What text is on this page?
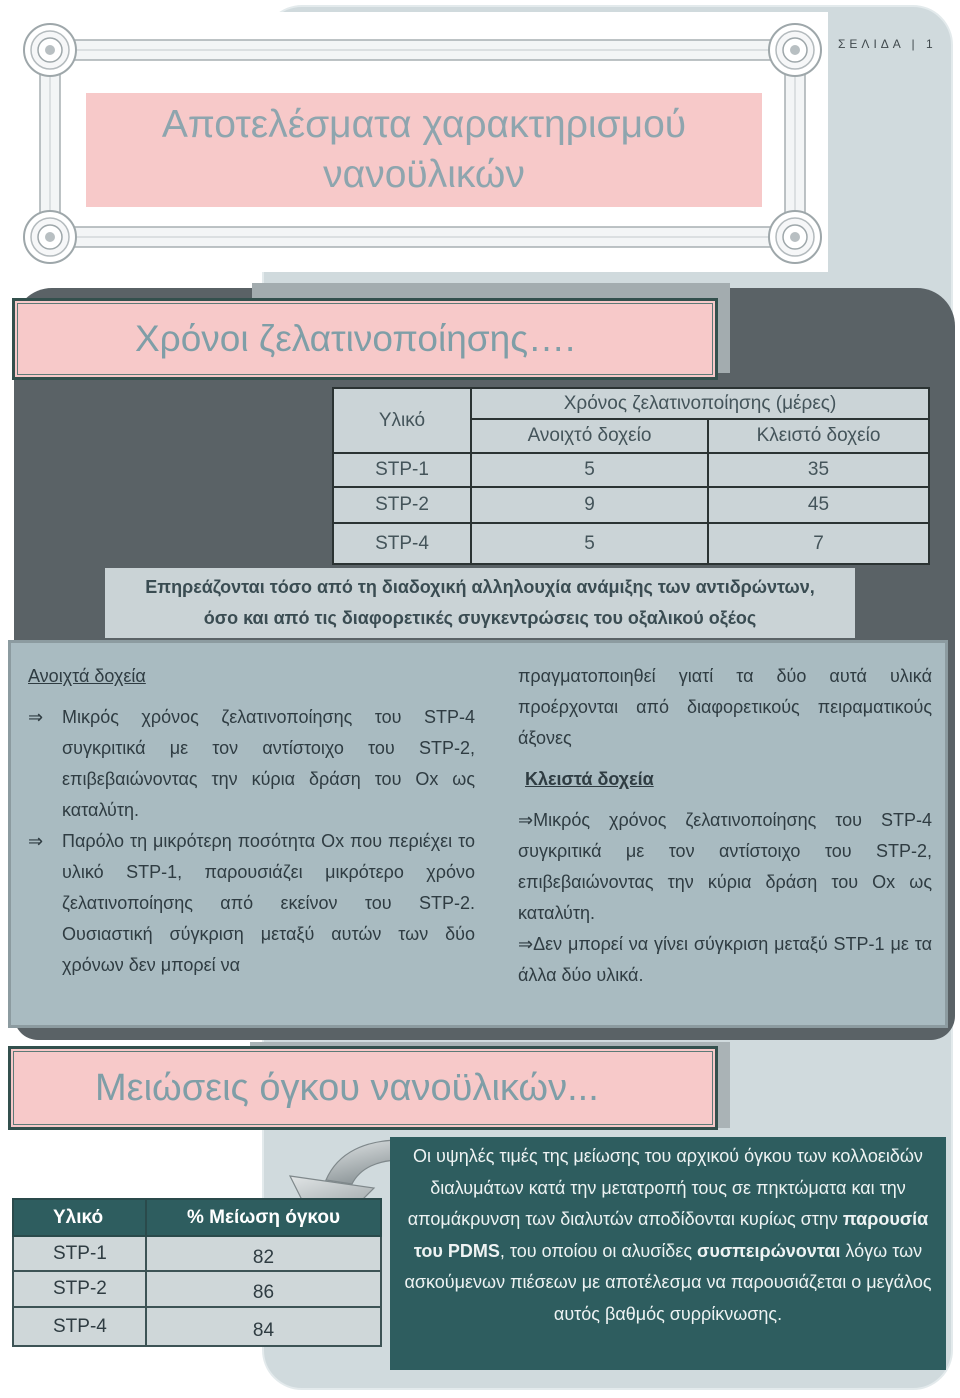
ΣΕΛΙΔΑ | 1
Αποτελέσματα χαρακτηρισμού
νανοϋλικών
Χρόνοι ζελατινοποίησης….
Υλικό	Χρόνος ζελατινοποίησης (μέρες)	
	Ανοιχτό δοχείο	Κλειστό δοχείο
STP-1	5	35
STP-2	9	45
STP-4	5	7
Επηρεάζονται τόσο από τη διαδοχική αλληλουχία ανάμιξης των αντιδρώντων,
όσο και από τις διαφορετικές συγκεντρώσεις του οξαλικού οξέος
Ανοιχτά δοχεία
⇒
Μικρός χρόνος ζελατινοποίησης του STP-4 συγκριτικά με τον αντίστοιχο του STP-2, επιβεβαιώνοντας την κύρια δράση του Ox ως καταλύτη.
⇒
Παρόλο τη μικρότερη ποσότητα Ox που περιέχει το υλικό STP-1, παρουσιάζει μικρότερο χρόνο ζελατινοποίησης από εκείνον του STP-2. Ουσιαστική σύγκριση μεταξύ αυτών των δύο χρόνων δεν μπορεί να
πραγματοποιηθεί γιατί τα δύο αυτά υλικά προέρχονται από διαφορετικούς πειραματικούς άξονες
Κλειστά δοχεία
⇒ Μικρός χρόνος ζελατινοποίησης του STP-4 συγκριτικά με τον αντίστοιχο του STP-2, επιβεβαιώνοντας την κύρια δράση του Ox ως καταλύτη.
⇒ Δεν μπορεί να γίνει σύγκριση μεταξύ STP-1 με τα άλλα δύο υλικά.
Μειώσεις όγκου νανοϋλικών...
Υλικό	% Μείωση όγκου
STP-1	82
STP-2	86
STP-4	84
Οι υψηλές τιμές της μείωσης του αρχικού όγκου των κολλοειδών διαλυμάτων κατά την μετατροπή τους σε πηκτώματα και την απομάκρυνση των διαλυτών αποδίδονται κυρίως στην παρουσία του PDMS, του οποίου οι αλυσίδες συσπειρώνονται λόγω των ασκούμενων πιέσεων με αποτέλεσμα να παρουσιάζεται ο μεγάλος αυτός βαθμός συρρίκνωσης.
